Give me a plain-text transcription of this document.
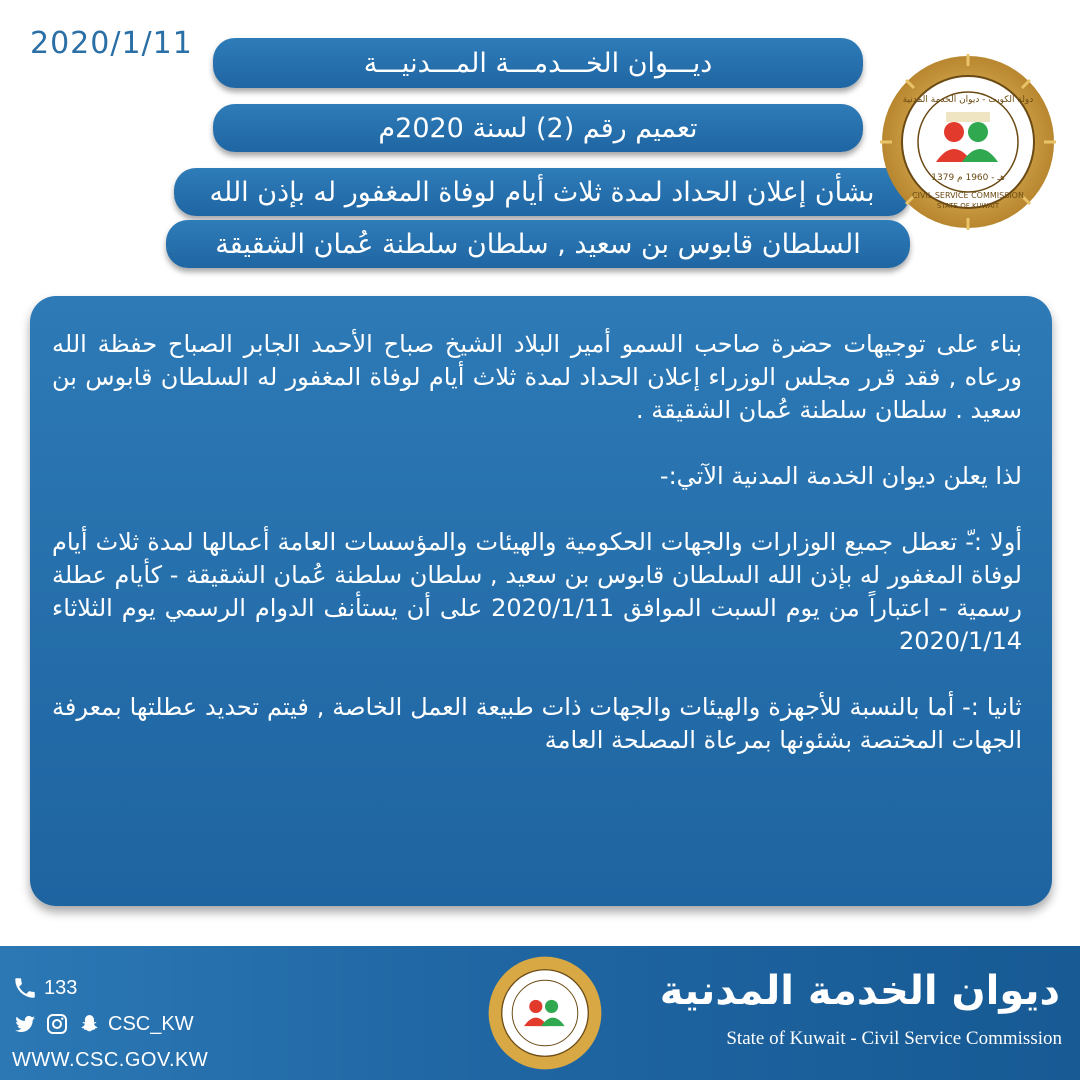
2020/1/11
ديـــوان الخـــدمـــة المـــدنيـــة
تعميم رقم (2) لسنة 2020م
بشأن إعلان الحداد لمدة ثلاث أيام لوفاة المغفور له بإذن الله
السلطان قابوس بن سعيد , سلطان سلطنة عُمان الشقيقة
دولة الكويت - ديوان الخدمة المدنية
1379 هـ - 1960 م
CIVIL SERVICE COMMISSION
STATE OF KUWAIT

بناء على توجيهات حضرة صاحب السمو أمير البلاد الشيخ صباح الأحمد الجابر الصباح حفظة الله ورعاه , فقد قرر مجلس الوزراء إعلان الحداد لمدة ثلاث أيام لوفاة المغفور له السلطان قابوس بن سعيد . سلطان سلطنة عُمان الشقيقة .

لذا يعلن ديوان الخدمة المدنية الآتي:-

أولا :-ّ تعطل جميع الوزارات والجهات الحكومية والهيئات والمؤسسات العامة أعمالها لمدة ثلاث أيام لوفاة المغفور له بإذن الله السلطان قابوس بن سعيد , سلطان سلطنة عُمان الشقيقة - كأيام عطلة رسمية - اعتباراً من يوم السبت الموافق 2020/1/11 على أن يستأنف الدوام الرسمي يوم الثلاثاء 2020/1/14

ثانيا :- أما بالنسبة للأجهزة والهيئات والجهات ذات طبيعة العمل الخاصة , فيتم تحديد عطلتها بمعرفة الجهات المختصة بشئونها بمرعاة المصلحة العامة

133
CSC_KW
WWW.CSC.GOV.KW
ديوان الخدمة المدنية
State of Kuwait - Civil Service Commission
